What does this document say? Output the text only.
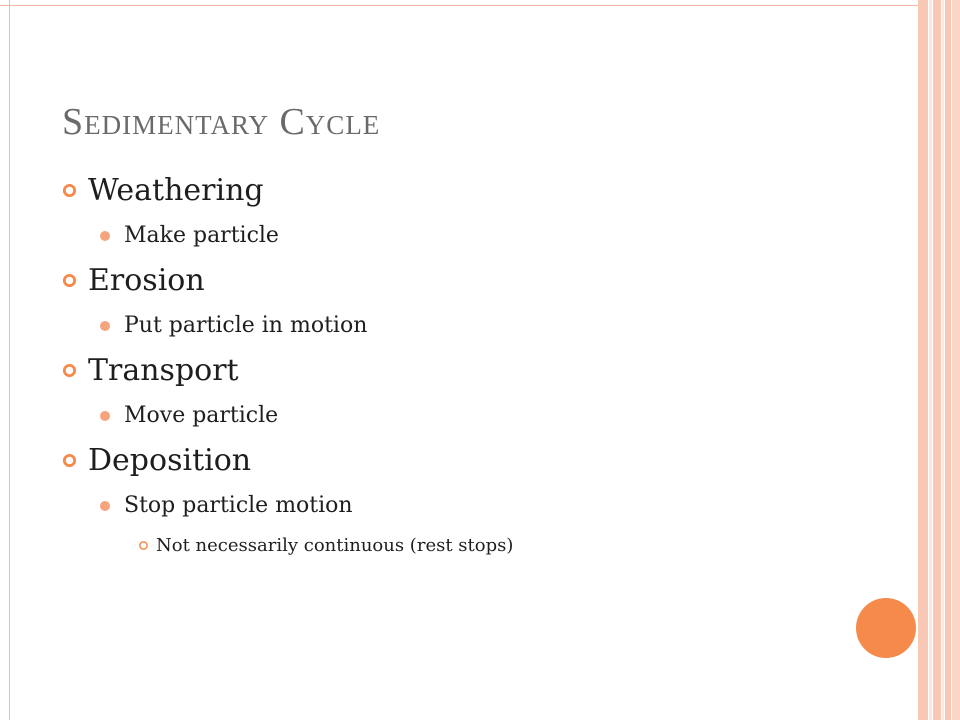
Sedimentary Cycle
Weathering
Make particle
Erosion
Put particle in motion
Transport
Move particle
Deposition
Stop particle motion
Not necessarily continuous (rest stops)
